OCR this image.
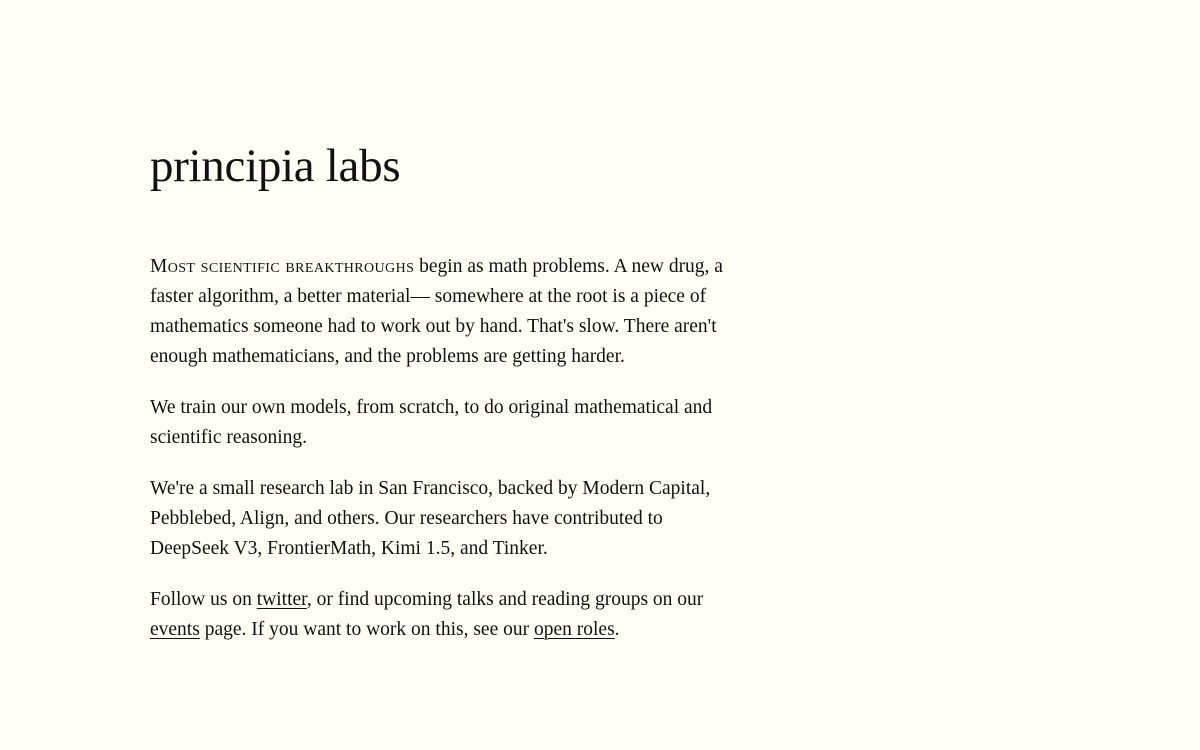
principia labs

Most scientific breakthroughs begin as math problems. A new drug, a faster algorithm, a better material— somewhere at the root is a piece of mathematics someone had to work out by hand. That's slow. There aren't enough mathematicians, and the problems are getting harder.

We train our own models, from scratch, to do original mathematical and scientific reasoning.

We're a small research lab in San Francisco, backed by Modern Capital, Pebblebed, Align, and others. Our researchers have contributed to DeepSeek V3, FrontierMath, Kimi 1.5, and Tinker.

Follow us on twitter, or find upcoming talks and reading groups on our events page. If you want to work on this, see our open roles.
